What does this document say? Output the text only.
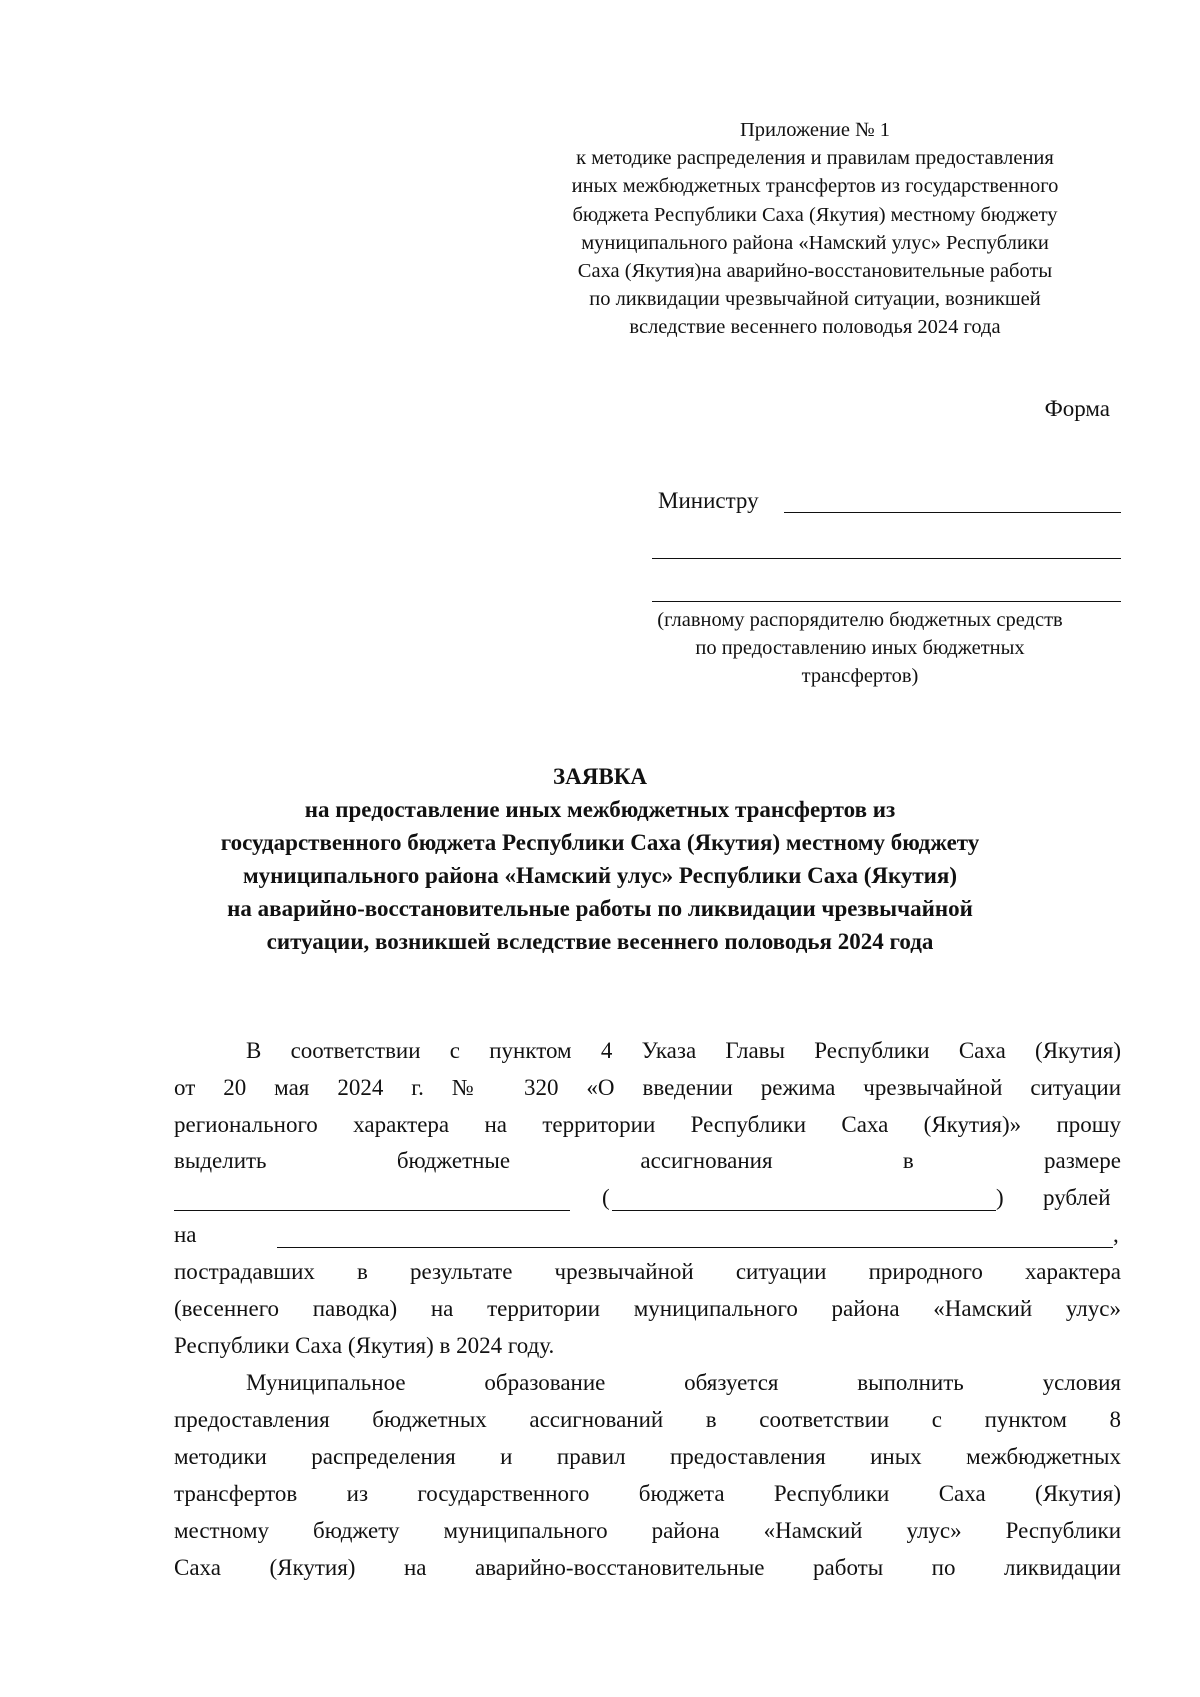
Приложение № 1
к методике распределения и правилам предоставления
иных межбюджетных трансфертов из государственного
бюджета Республики Саха (Якутия) местному бюджету
муниципального района «Намский улус» Республики
Саха (Якутия)на аварийно-восстановительные работы
по ликвидации чрезвычайной ситуации, возникшей
вследствие весеннего половодья 2024 года
Форма
Министру
(главному распорядителю бюджетных средств
по предоставлению иных бюджетных
трансфертов)
ЗАЯВКА
на предоставление иных межбюджетных трансфертов из
государственного бюджета Республики Саха (Якутия) местному бюджету
муниципального района «Намский улус» Республики Саха (Якутия)
на аварийно-восстановительные работы по ликвидации чрезвычайной
ситуации, возникшей вследствие весеннего половодья 2024 года
В соответствии с пунктом 4 Указа Главы Республики Саха (Якутия)
от 20 мая 2024 г. № 320 «О введении режима чрезвычайной ситуации
регионального характера на территории Республики Саха (Якутия)» прошу
выделить	бюджетные	ассигнования	в	размере
(	) рублей
на	,
пострадавших в результате чрезвычайной ситуации природного характера
(весеннего паводка) на территории муниципального района «Намский улус»
Республики Саха (Якутия) в 2024 году.
Муниципальное	образование	обязуется	выполнить	условия
предоставления бюджетных ассигнований в соответствии с пунктом 8
методики распределения и правил предоставления иных межбюджетных
трансфертов из государственного бюджета Республики Саха (Якутия)
местному бюджету муниципального района «Намский улус» Республики
Саха (Якутия) на аварийно-восстановительные работы по ликвидации
